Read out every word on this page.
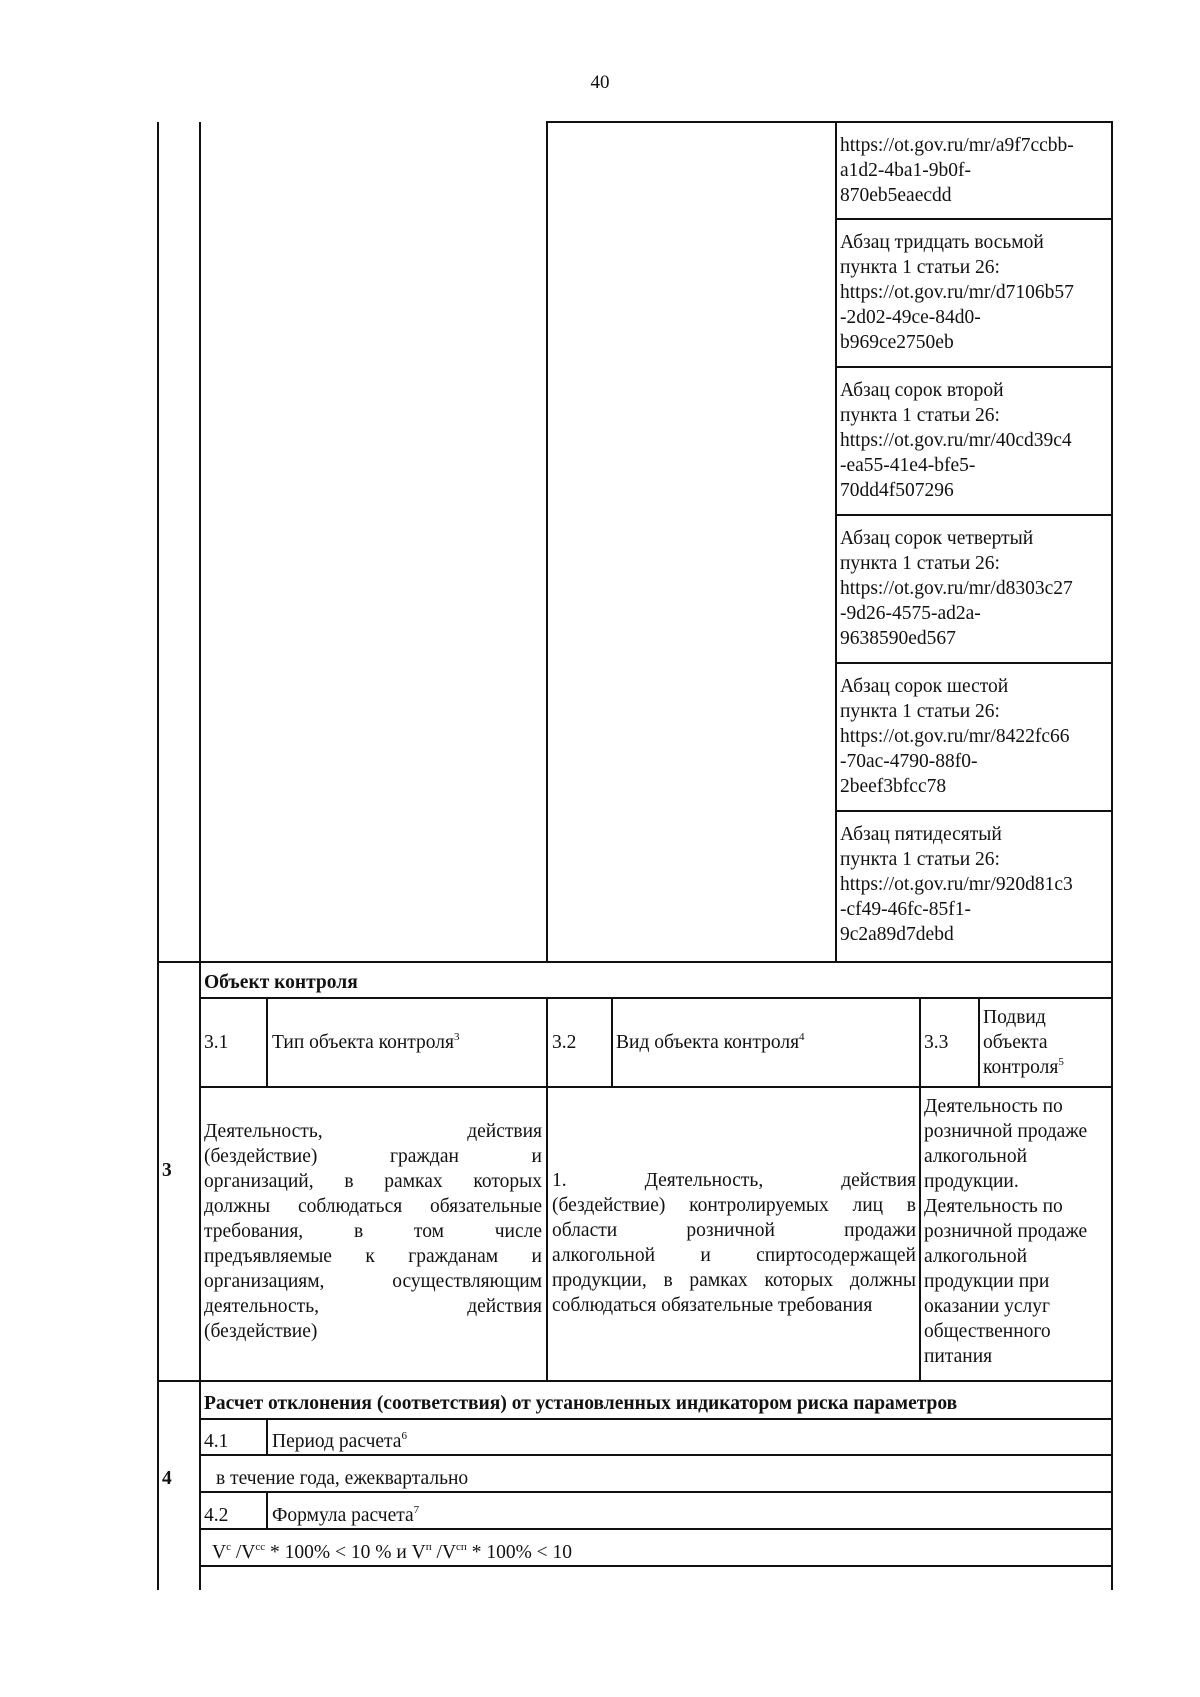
40
https://ot.gov.ru/mr/a9f7ccbb-
a1d2-4ba1-9b0f-
870eb5eaecdd
Абзац тридцать восьмой
пункта 1 статьи 26:
https://ot.gov.ru/mr/d7106b57
-2d02-49ce-84d0-
b969ce2750eb
Абзац сорок второй
пункта 1 статьи 26:
https://ot.gov.ru/mr/40cd39c4
-ea55-41e4-bfe5-
70dd4f507296
Абзац сорок четвертый
пункта 1 статьи 26:
https://ot.gov.ru/mr/d8303c27
-9d26-4575-ad2a-
9638590ed567
Абзац сорок шестой
пункта 1 статьи 26:
https://ot.gov.ru/mr/8422fc66
-70ac-4790-88f0-
2beef3bfcc78
Абзац пятидесятый
пункта 1 статьи 26:
https://ot.gov.ru/mr/920d81c3
-cf49-46fc-85f1-
9c2a89d7debd
Объект контроля
3.1 Тип объекта контроля$^3$	3.2 Вид объекта контроля$^4$	3.3
Подвид
объекта
контроля$^5$
3
Деятельность, действия
(бездействие) граждан и
организаций, в рамках которых
должны соблюдаться обязательные
требования, в том числе
предъявляемые к гражданам и
организациям, осуществляющим
деятельность, действия
(бездействие)
1. Деятельность, действия
(бездействие) контролируемых лиц в
области розничной продажи
алкогольной и спиртосодержащей
продукции, в рамках которых должны
соблюдаться обязательные требования
Деятельность по
розничной продаже
алкогольной
продукции.
Деятельность по
розничной продаже
алкогольной
продукции при
оказании услуг
общественного
питания
Расчет отклонения (соответствия) от установленных индикатором риска параметров
4.1 Период расчета$^6$
4 в течение года, ежеквартально
4.2 Формула расчета$^7$
$V^с$ $/V^{сс} * 100\% < 10$ % и $V^п$ $/V^{сп} * 100\% < 10$
